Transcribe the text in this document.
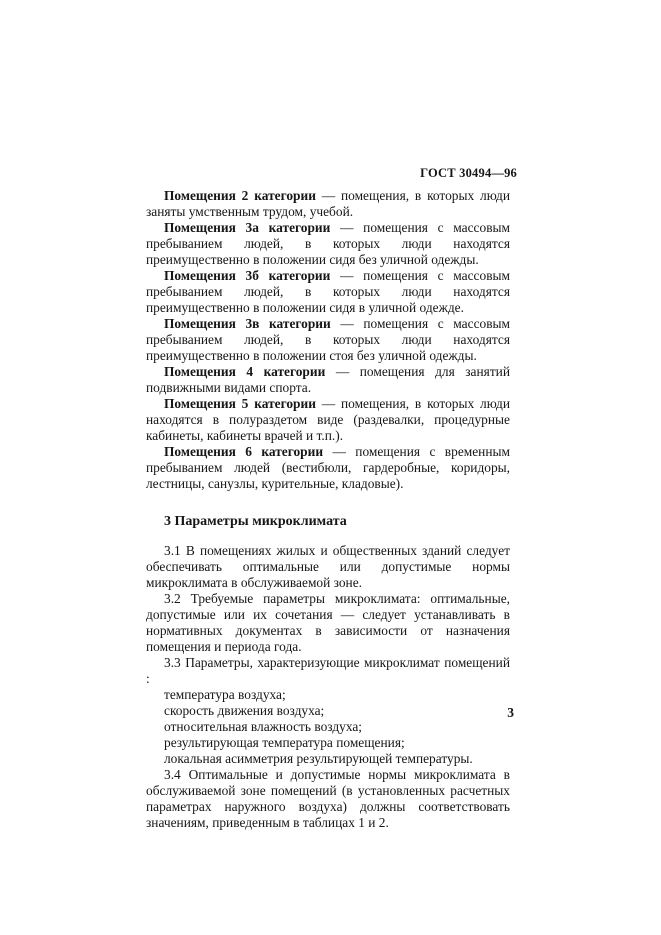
ГОСТ 30494—96

Помещения 2 категории — помещения, в которых люди заняты умственным трудом, учебой.

Помещения 3а категории — помещения с массовым пребыванием людей, в которых люди находятся преимущественно в положении сидя без уличной одежды.

Помещения 3б категории — помещения с массовым пребыванием людей, в которых люди находятся преимущественно в положении сидя в уличной одежде.

Помещения 3в категории — помещения с массовым пребыванием людей, в которых люди находятся преимущественно в положении стоя без уличной одежды.

Помещения 4 категории — помещения для занятий подвижными видами спорта.

Помещения 5 категории — помещения, в которых люди находятся в полураздетом виде (раздевалки, процедурные кабинеты, кабинеты врачей и т.п.).

Помещения 6 категории — помещения с временным пребыванием людей (вестибюли, гардеробные, коридоры, лестницы, санузлы, курительные, кладовые).

3 Параметры микроклимата

3.1 В помещениях жилых и общественных зданий следует обеспечивать оптимальные или допустимые нормы микроклимата в обслуживаемой зоне.

3.2 Требуемые параметры микроклимата: оптимальные, допустимые или их сочетания — следует устанавливать в нормативных документах в зависимости от назначения помещения и периода года.

3.3 Параметры, характеризующие микроклимат помещений :

температура воздуха;

скорость движения воздуха;

относительная влажность воздуха;

результирующая температура помещения;

локальная асимметрия результирующей температуры.

3.4 Оптимальные и допустимые нормы микроклимата в обслуживаемой зоне помещений (в установленных расчетных параметрах наружного воздуха) должны соответствовать значениям, приведенным в таблицах 1 и 2.

3
